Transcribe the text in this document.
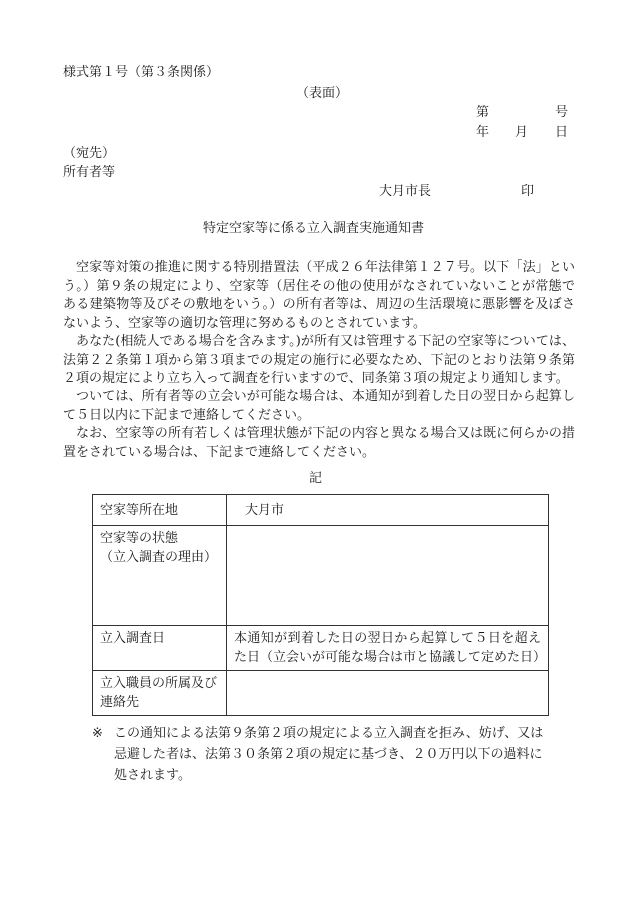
様式第１号（第３条関係）
（表面）
第	号
年 月 日
（宛先）
所有者等
大月市長	印
特定空家等に係る立入調査実施通知書
空家等対策の推進に関する特別措置法（平成２６年法律第１２７号。以下「法」という。）第９条の規定により、空家等（居住その他の使用がなされていないことが常態である建築物等及びその敷地をいう。）の所有者等は、周辺の生活環境に悪影響を及ぼさないよう、空家等の適切な管理に努めるものとされています。
あなた(相続人である場合を含みます。)が所有又は管理する下記の空家等については、法第２２条第１項から第３項までの規定の施行に必要なため、下記のとおり法第９条第２項の規定により立ち入って調査を行いますので、同条第３項の規定より通知します。
ついては、所有者等の立会いが可能な場合は、本通知が到着した日の翌日から起算して５日以内に下記まで連絡してください。
なお、空家等の所有若しくは管理状態が下記の内容と異なる場合又は既に何らかの措置をされている場合は、下記まで連絡してください。
記
空家等所在地	大月市

空家等の状態
（立入調査の理由）	

立入調査日	本通知が到着した日の翌日から起算して５日を超えた日（立会いが可能な場合は市と協議して定めた日）
立入職員の所属及び連絡先	
※ この通知による法第９条第２項の規定による立入調査を拒み、妨げ、又は忌避した者は、法第３０条第２項の規定に基づき、２０万円以下の過料に処されます。
